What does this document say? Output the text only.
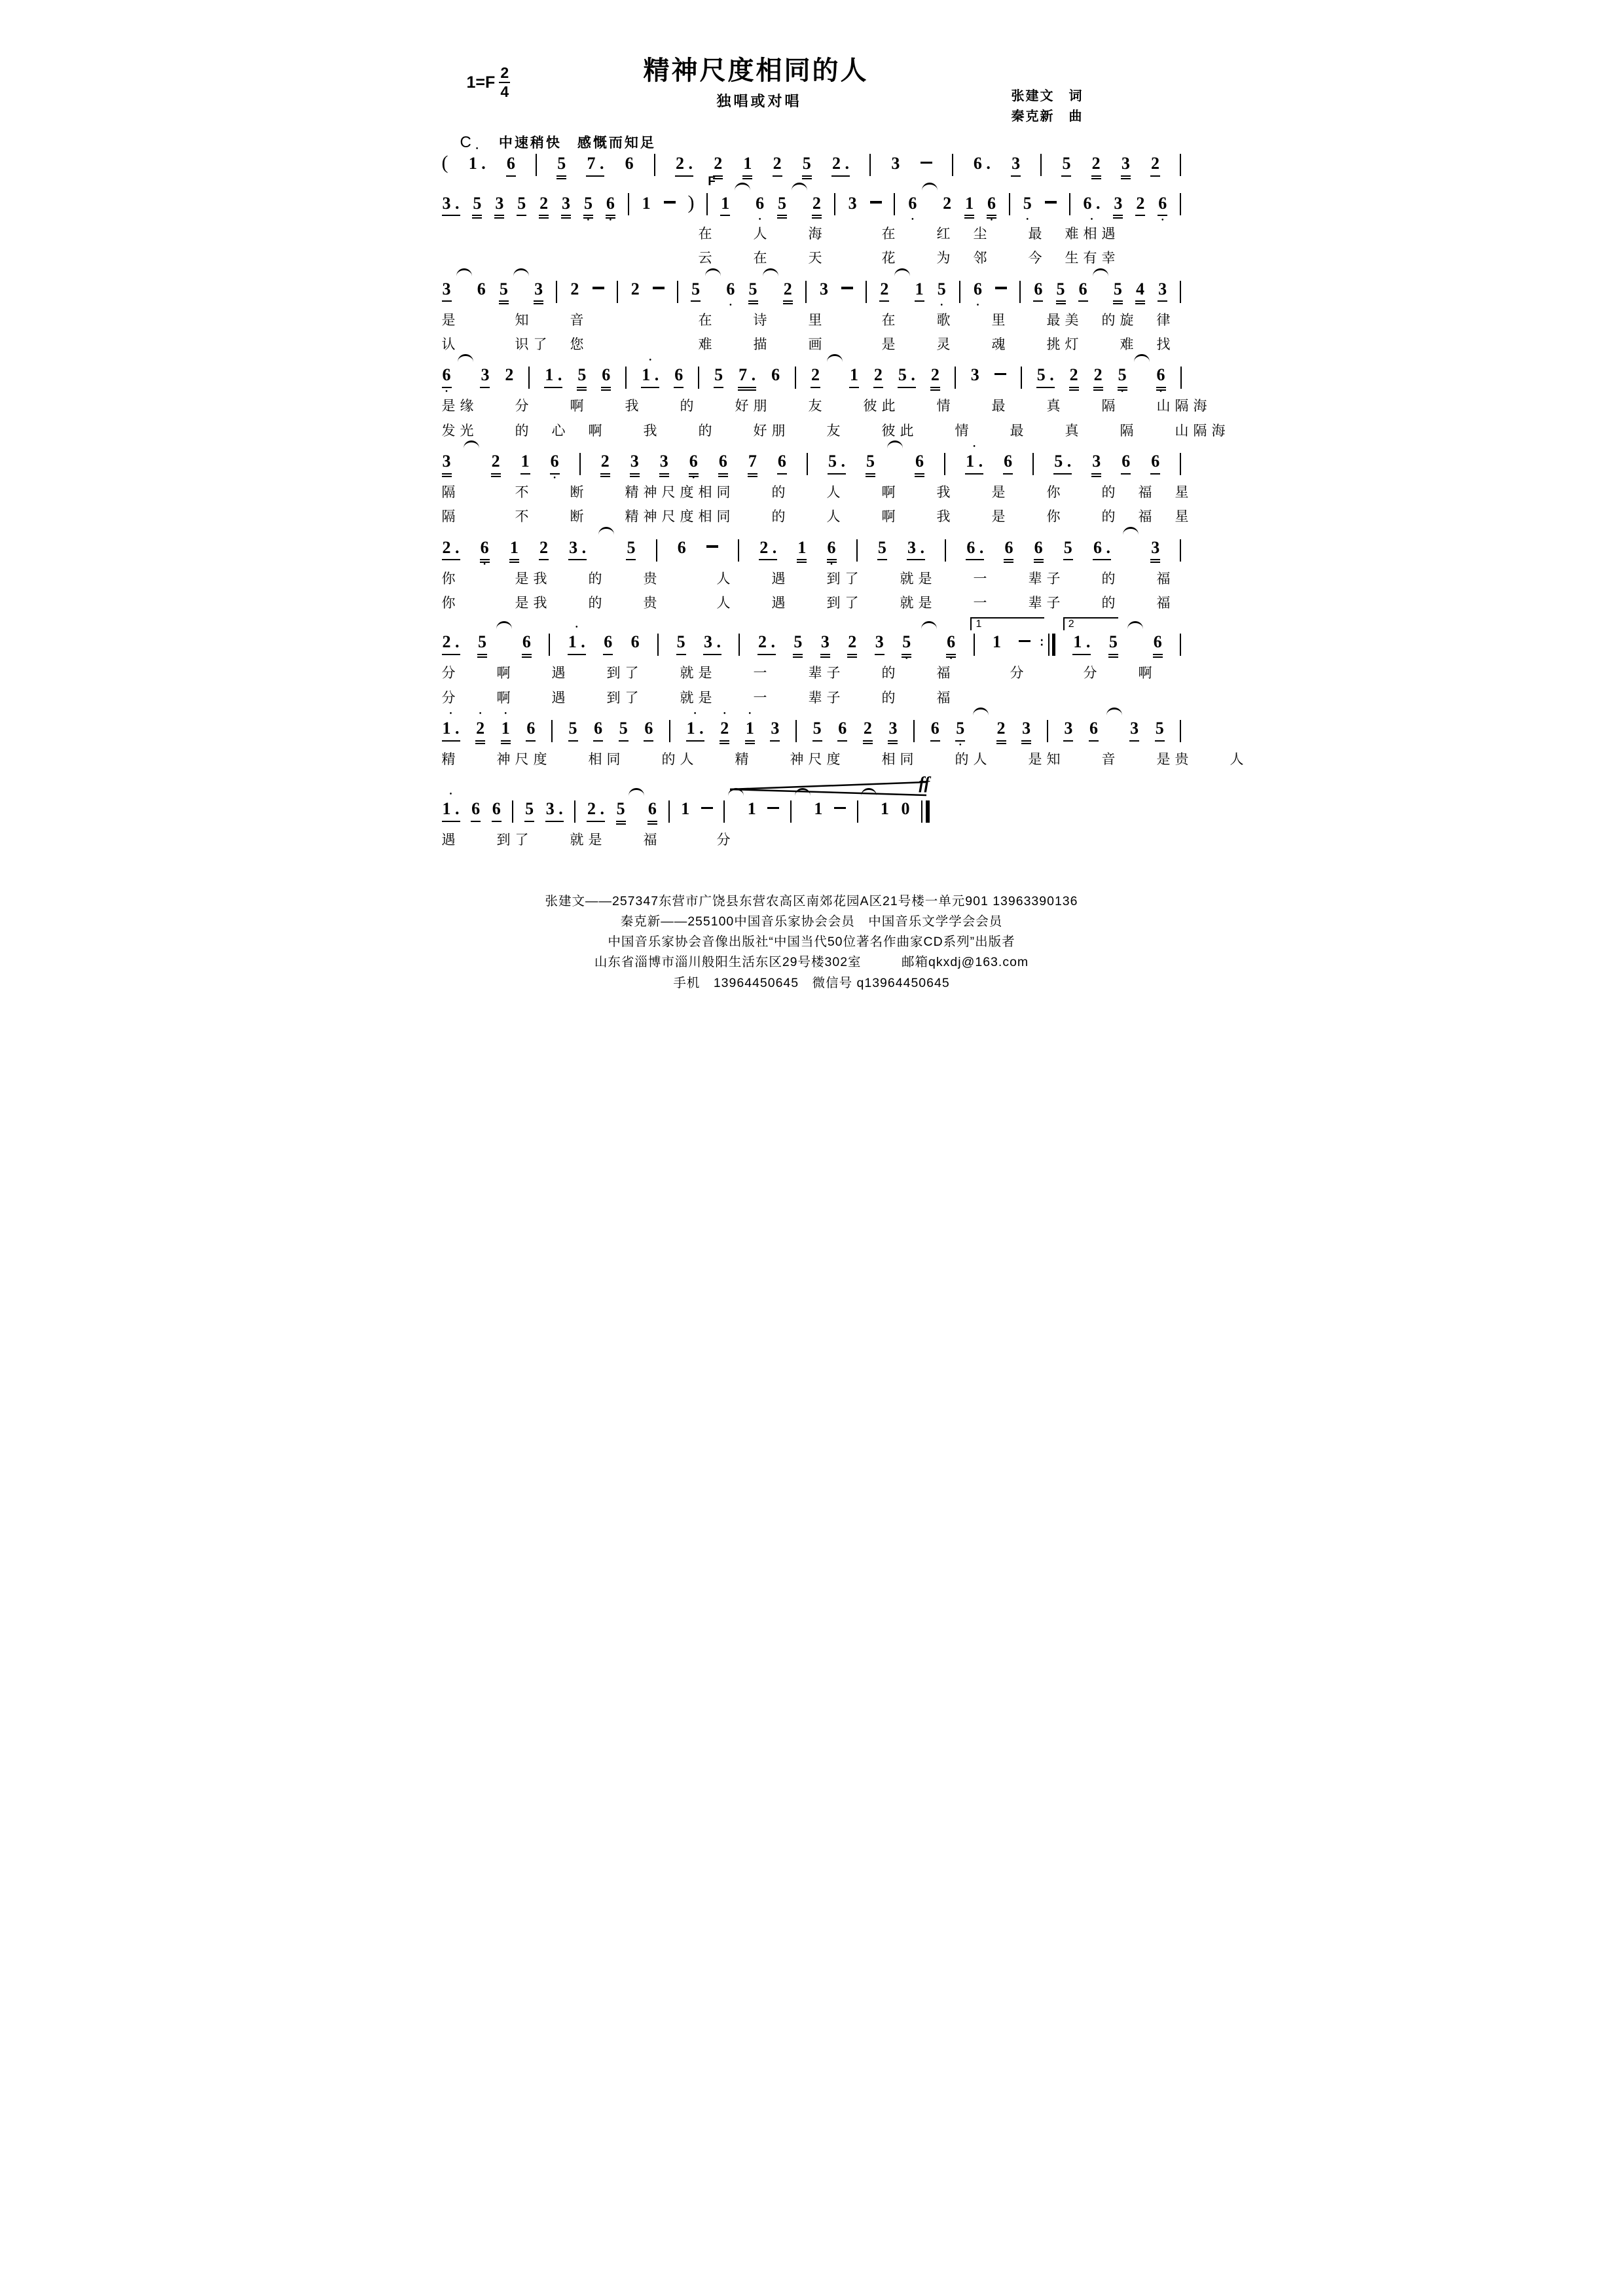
$1=F \frac{2}{4}$	精神尺度相同的人
独唱或对唱	张建文　词
秦克新　曲
C 中速稍快　感慨而知足
( • 1 . 6 5 7 . 6 2 . 2 1 2 5 2 . 3	6 . 3 5 2 3 2
F
3 . 5 3 5 2 3 5 • 6 • 1 ) 1 6 • 5 2 3	6 • 2 1 6 • 5 •	6 . • 3 2 6 •
　　　　　　　　　　　　　　在　　人　　海　　　在　　红　尘　　最　难相遇
　　　　　　　　　　　　　　云　　在　　天　　　花　　为　邻　　今　生有幸
3 6 5 3 2	2	5 6 • 5 2 3	2 1 5 • 6 •	6 5 6 5 4 3
是　　　知　　音　　　　　　在　　诗　　里　　　在　　歌　　里　　最美　的旋　律
认　　　识了　您　　　　　　难　　描　　画　　　是　　灵　　魂　　挑灯　　难　找
6 • 3 2 1 . 5 6 • 1 . 6 5 7 . 6 2 1 2 5 . 2 3	5 . 2 2 5 • 6 •
是缘　　分　　啊　　我　　的　　好朋　　友　　彼此　　情　　最　　真　　隔　　山隔海
发光　　的　心　啊　　我　　的　　好朋　　友　　彼此　　情　　最　　真　　隔　　山隔海
3 2 1 6 • 2 3 3 6 • 6 7 6 5 . 5 6 • 1 . 6 5 . 3 6 6
隔　　　不　　断　　精神尺度相同　　的　　人　　啊　　我　　是　　你　　的　福　星
隔　　　不　　断　　精神尺度相同　　的　　人　　啊　　我　　是　　你　　的　福　星
2 . 6 • 1 2 3 . 5 6	2 . 1 6 • 5 3 . 6 . 6 6 5 6 . 3
你　　　是我　　的　　贵　　　人　　遇　　到了　　就是　　一　　辈子　　的　　福
你　　　是我　　的　　贵　　　人　　遇　　到了　　就是　　一　　辈子　　的　　福
1	2
2 . 5 6 • 1 . 6 6 5 3 . 2 . 5 3 2 3 5 • 6 • 1 ∶	1 . 5 6
分　　啊　　遇　　到了　　就是　　一　　辈子　　的　　福　　　分　　　分　　啊
分　　啊　　遇　　到了　　就是　　一　　辈子　　的　　福
• 1 . • 2 • 1 6 5 6 5 6 • 1 . • 2 • 1 3 5 6 2 3 6 5 • 2 3 3 6 3 5
精　　神尺度　　相同　　的人　　精　　神尺度　　相同　　的人　　是知　　音　　是贵　　人
ff
• 1 . 6 6 5 3 . 2 . 5 6 1	1	1	1 0
遇　　到了　　就是　　福　　　分
张建文——257347东营市广饶县东营农高区南郊花园A区21号楼一单元901 13963390136
秦克新——255100中国音乐家协会会员　中国音乐文学学会会员
中国音乐家协会音像出版社“中国当代50位著名作曲家CD系列”出版者
山东省淄博市淄川般阳生活东区29号楼302室　　　邮箱qkxdj@163.com
手机　13964450645　微信号 q13964450645
